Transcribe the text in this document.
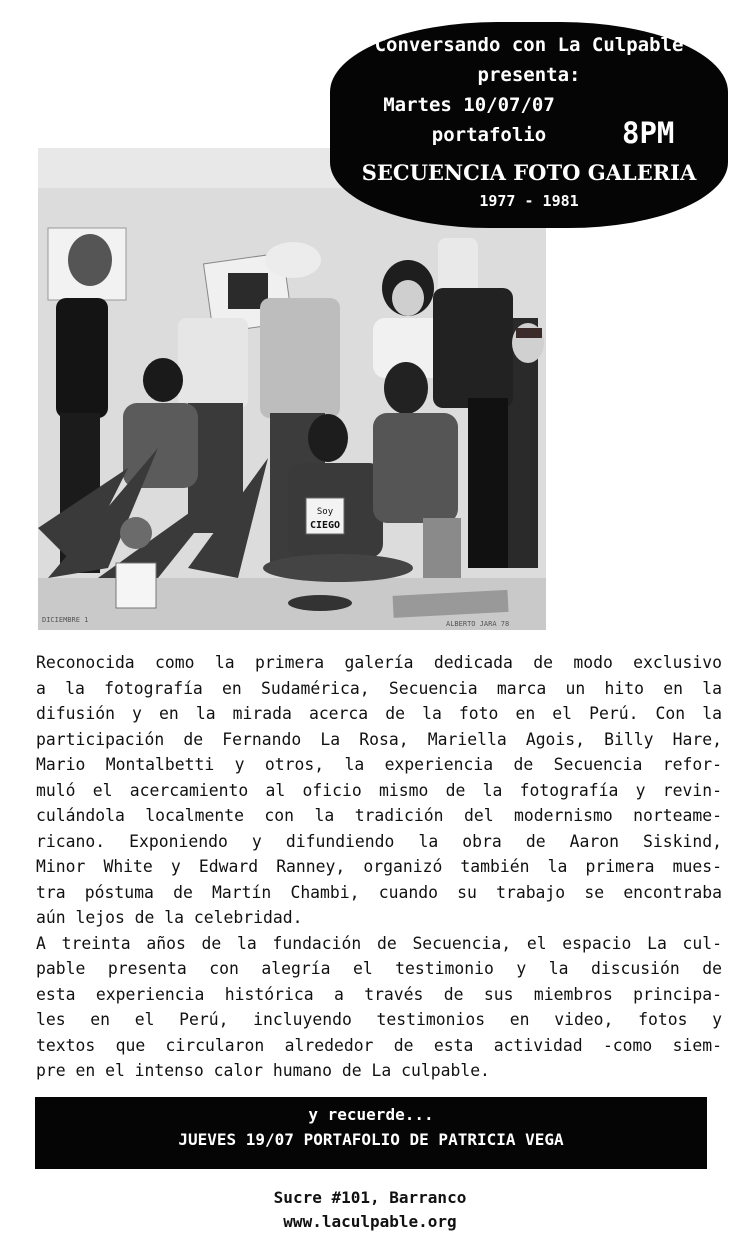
Soy
CIEGO
DICIEMBRE 1	ALBERTO JARA 78
Conversando con La Culpable
presenta:
Martes 10/07/07
portafolio	8PM
SECUENCIA FOTO GALERIA
1977 - 1981
Reconocida como la primera galería dedicada de modo exclusivo
a la fotografía en Sudamérica, Secuencia marca un hito en la
difusión y en la mirada acerca de la foto en el Perú. Con la
participación de Fernando La Rosa, Mariella Agois, Billy Hare,
Mario Montalbetti y otros, la experiencia de Secuencia refor-
muló el acercamiento al oficio mismo de la fotografía y revin-
culándola localmente con la tradición del modernismo norteame-
ricano. Exponiendo y difundiendo la obra de Aaron Siskind,
Minor White y Edward Ranney, organizó también la primera mues-
tra póstuma de Martín Chambi, cuando su trabajo se encontraba
aún lejos de la celebridad.
A treinta años de la fundación de Secuencia, el espacio La cul-
pable presenta con alegría el testimonio y la discusión de
esta experiencia histórica a través de sus miembros principa-
les en el Perú, incluyendo testimonios en video, fotos y
textos que circularon alrededor de esta actividad -como siem-
pre en el intenso calor humano de La culpable.
y recuerde...
JUEVES 19/07 PORTAFOLIO DE PATRICIA VEGA
Sucre #101, Barranco
www.laculpable.org
